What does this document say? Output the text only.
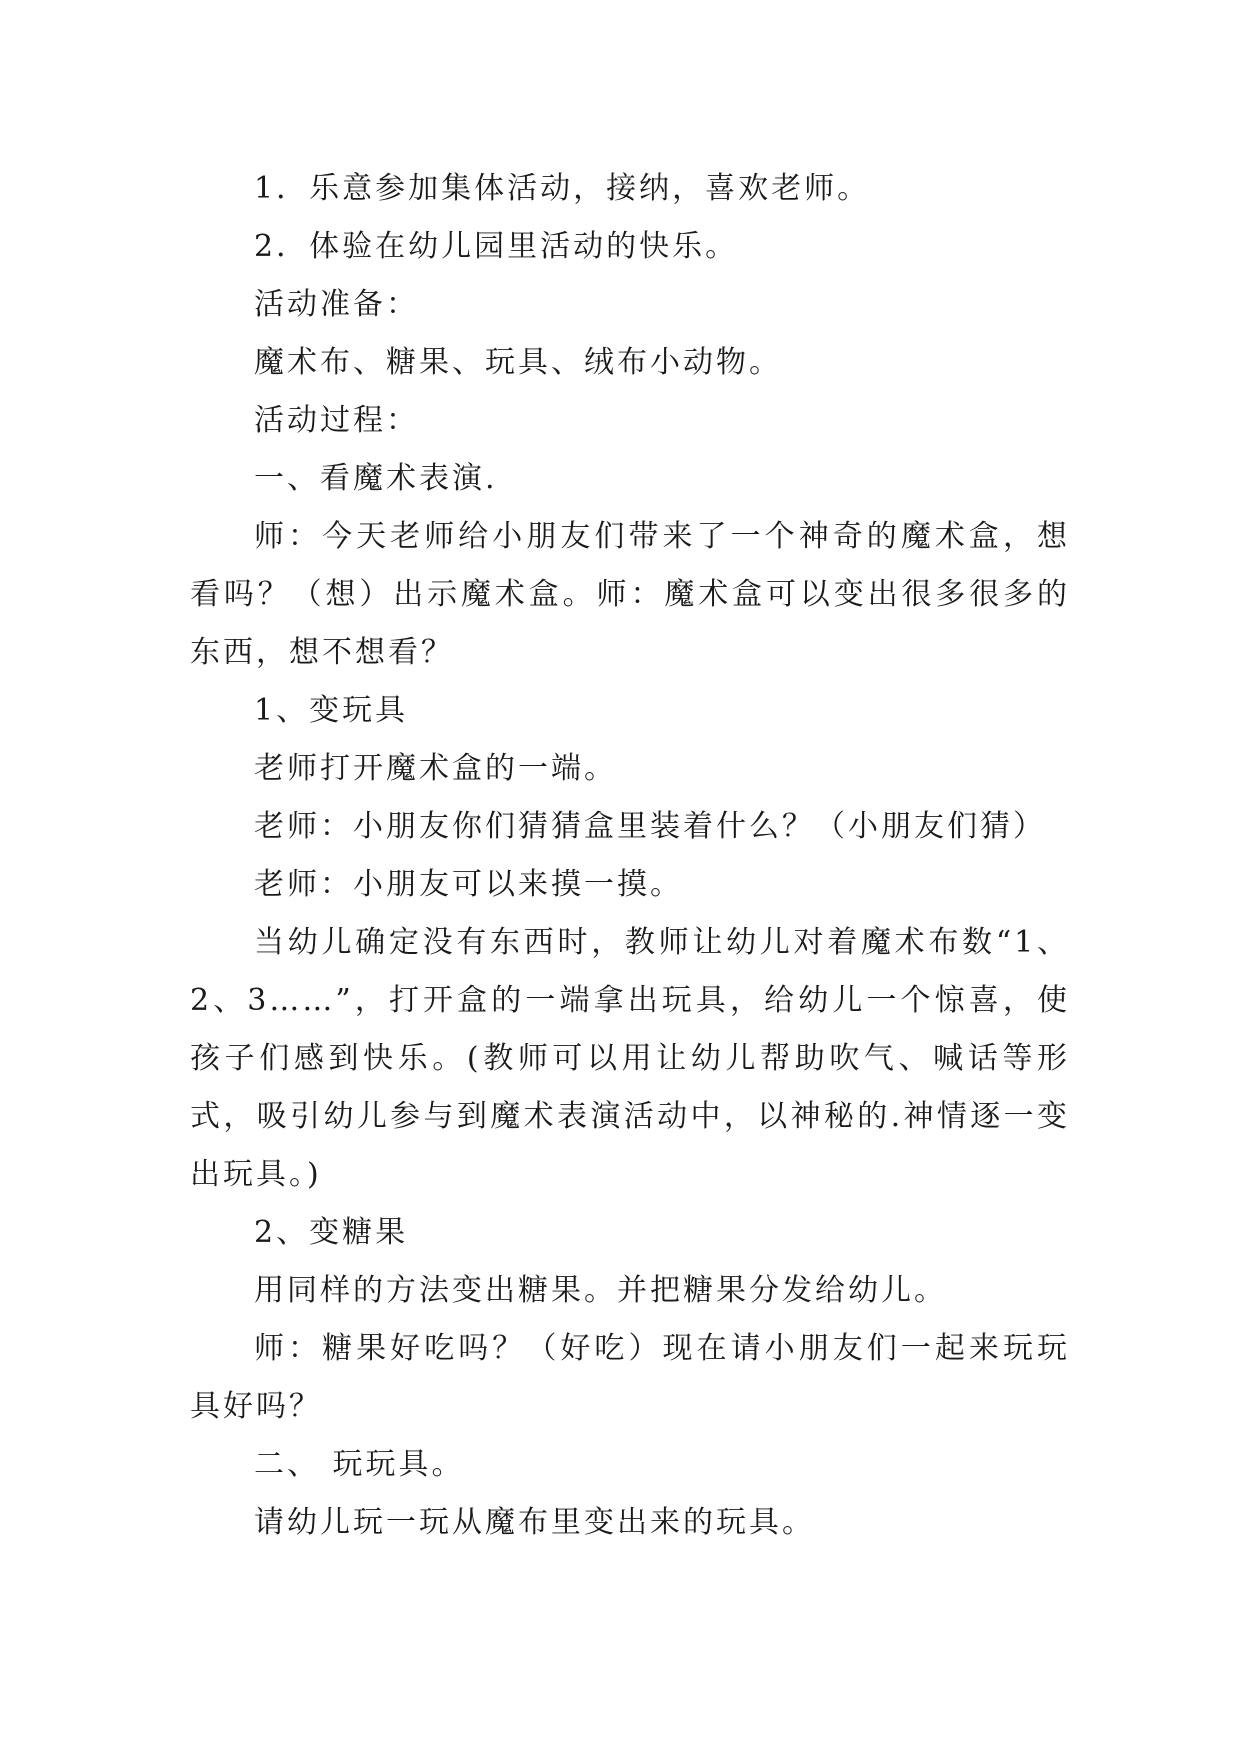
1．乐意参加集体活动，接纳，喜欢老师。

2．体验在幼儿园里活动的快乐。

活动准备：

魔术布、糖果、玩具、绒布小动物。

活动过程：

一、看魔术表演.

师：今天老师给小朋友们带来了一个神奇的魔术盒，想看吗？（想）出示魔术盒。师：魔术盒可以变出很多很多的东西，想不想看？

1、变玩具

老师打开魔术盒的一端。

老师：小朋友你们猜猜盒里装着什么？（小朋友们猜）

老师：小朋友可以来摸一摸。

当幼儿确定没有东西时，教师让幼儿对着魔术布数“1、2、3……”，打开盒的一端拿出玩具，给幼儿一个惊喜，使孩子们感到快乐。(教师可以用让幼儿帮助吹气、喊话等形式，吸引幼儿参与到魔术表演活动中，以神秘的.神情逐一变出玩具。)

2、变糖果

用同样的方法变出糖果。并把糖果分发给幼儿。

师：糖果好吃吗？（好吃）现在请小朋友们一起来玩玩具好吗？

二、 玩玩具。

请幼儿玩一玩从魔布里变出来的玩具。
